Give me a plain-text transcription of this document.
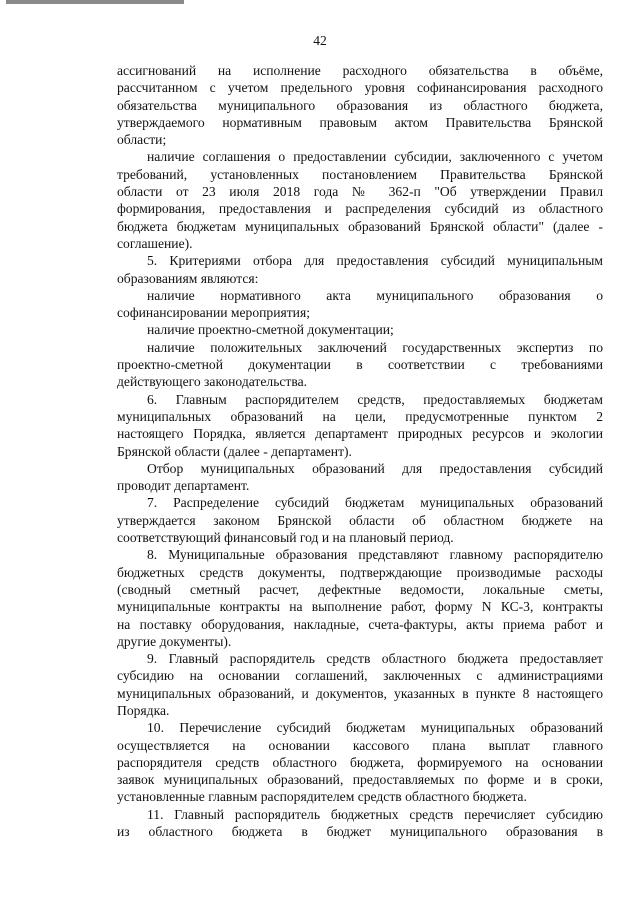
42
ассигнований на исполнение расходного обязательства в объёме,
рассчитанном с учетом предельного уровня софинансирования расходного
обязательства муниципального образования из областного бюджета,
утверждаемого нормативным правовым актом Правительства Брянской
области;
наличие соглашения о предоставлении субсидии, заключенного с учетом
требований, установленных постановлением Правительства Брянской
области от 23 июля 2018 года № 362-п "Об утверждении Правил
формирования, предоставления и распределения субсидий из областного
бюджета бюджетам муниципальных образований Брянской области" (далее -
соглашение).
5. Критериями отбора для предоставления субсидий муниципальным
образованиям являются:
наличие нормативного акта муниципального образования о
софинансировании мероприятия;
наличие проектно-сметной документации;
наличие положительных заключений государственных экспертиз по
проектно-сметной документации в соответствии с требованиями
действующего законодательства.
6. Главным распорядителем средств, предоставляемых бюджетам
муниципальных образований на цели, предусмотренные пунктом 2
настоящего Порядка, является департамент природных ресурсов и экологии
Брянской области (далее - департамент).
Отбор муниципальных образований для предоставления субсидий
проводит департамент.
7. Распределение субсидий бюджетам муниципальных образований
утверждается законом Брянской области об областном бюджете на
соответствующий финансовый год и на плановый период.
8. Муниципальные образования представляют главному распорядителю
бюджетных средств документы, подтверждающие производимые расходы
(сводный сметный расчет, дефектные ведомости, локальные сметы,
муниципальные контракты на выполнение работ, форму N КС-3, контракты
на поставку оборудования, накладные, счета-фактуры, акты приема работ и
другие документы).
9. Главный распорядитель средств областного бюджета предоставляет
субсидию на основании соглашений, заключенных с администрациями
муниципальных образований, и документов, указанных в пункте 8 настоящего
Порядка.
10. Перечисление субсидий бюджетам муниципальных образований
осуществляется на основании кассового плана выплат главного
распорядителя средств областного бюджета, формируемого на основании
заявок муниципальных образований, предоставляемых по форме и в сроки,
установленные главным распорядителем средств областного бюджета.
11. Главный распорядитель бюджетных средств перечисляет субсидию
из областного бюджета в бюджет муниципального образования в
